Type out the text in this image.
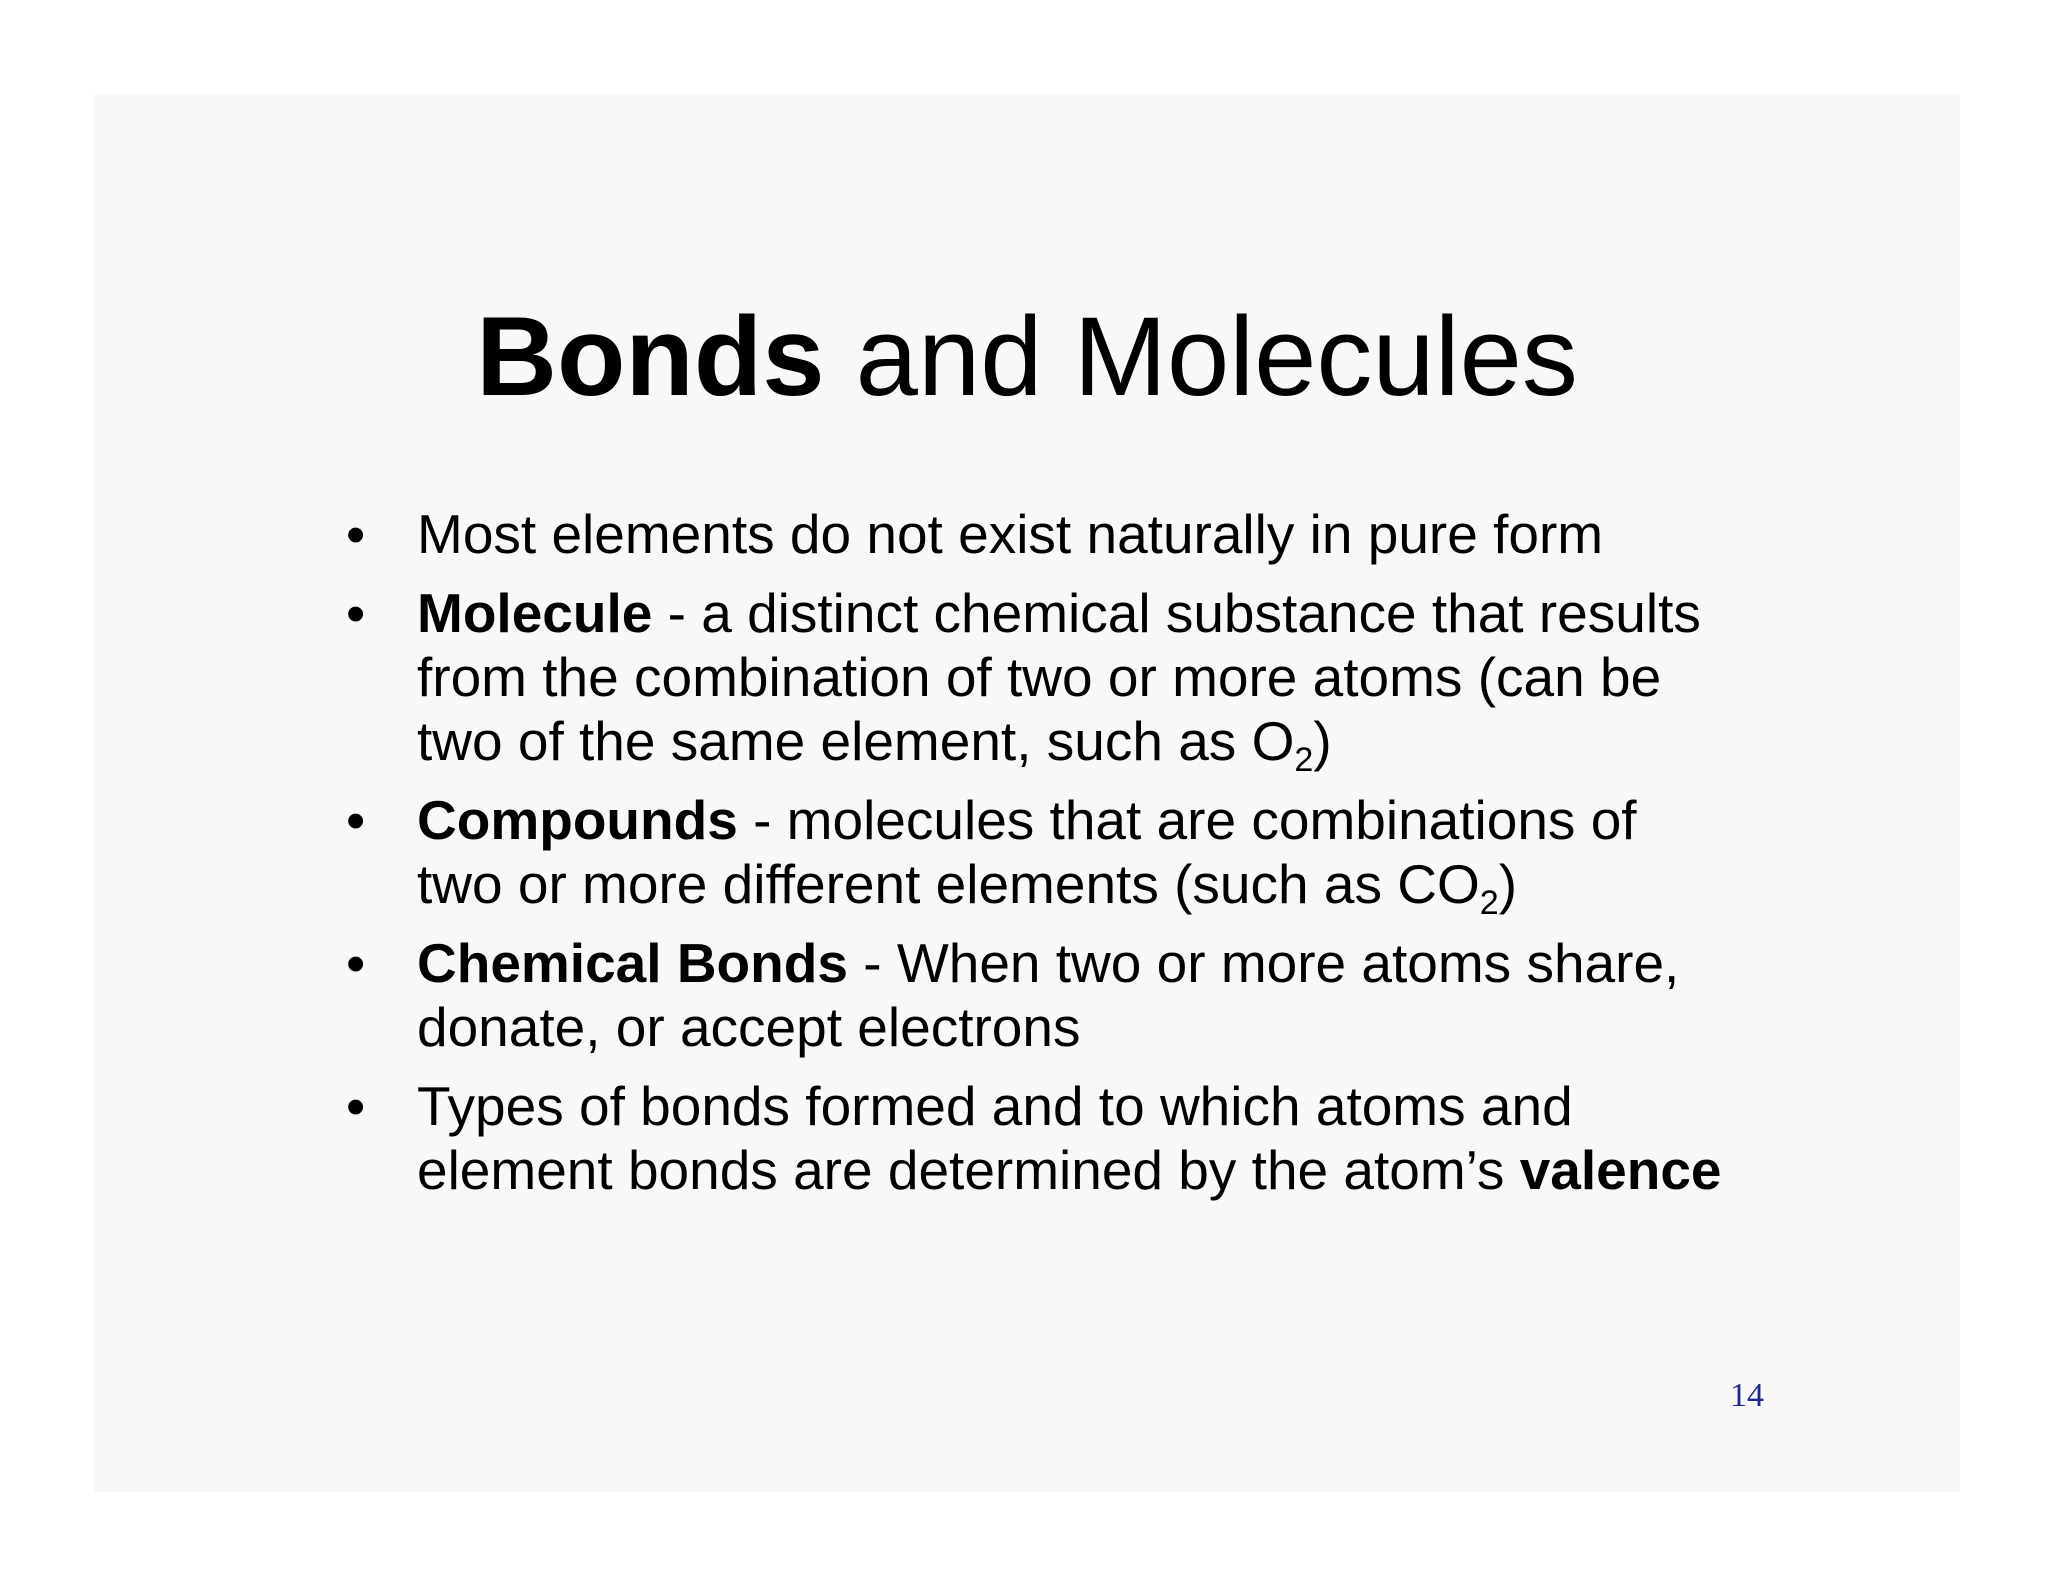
Bonds and Molecules
• Most elements do not exist naturally in pure form
• Molecule - a distinct chemical substance that results from the combination of two or more atoms (can be two of the same element, such as $O_2$)
• Compounds - molecules that are combinations of two or more different elements (such as $CO_2$)
• Chemical Bonds - When two or more atoms share, donate, or accept electrons
• Types of bonds formed and to which atoms and element bonds are determined by the atom’s valence
14
